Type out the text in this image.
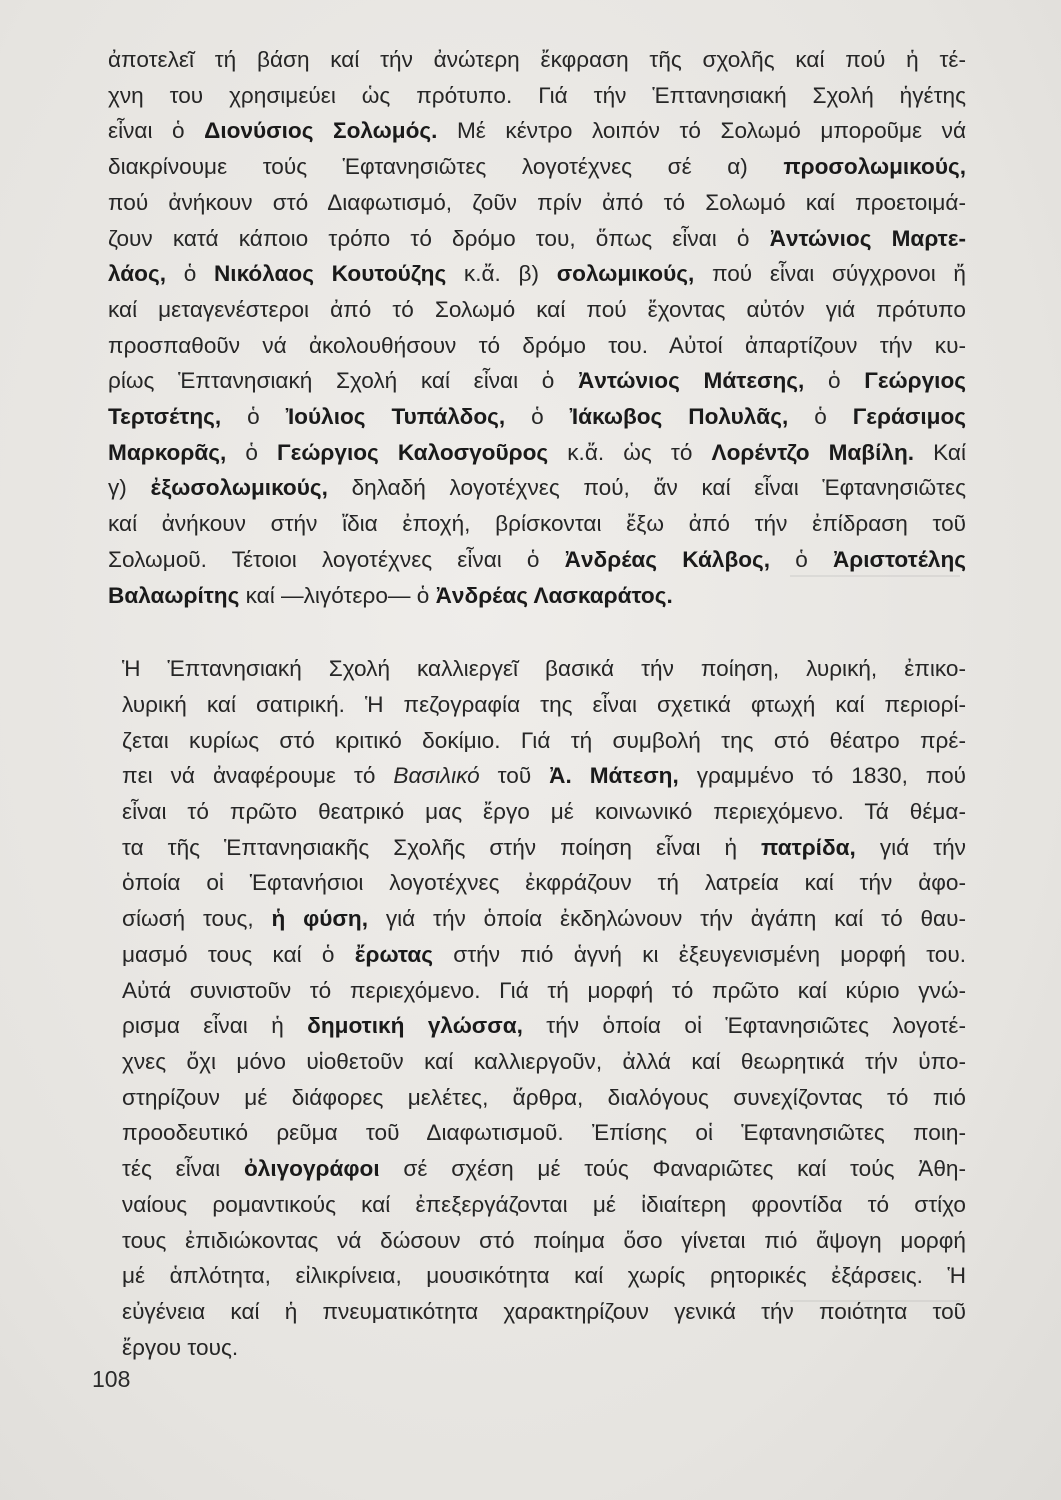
ἀποτελεῖ τή βάση καί τήν ἀνώτερη ἔκφραση τῆς σχολῆς καί πού ἡ τέ-
χνη του χρησιμεύει ὡς πρότυπο. Γιά τήν Ἑπτανησιακή Σχολή ἡγέτης
εἶναι ὁ Διονύσιος Σολωμός. Μέ κέντρο λοιπόν τό Σολωμό μποροῦμε νά
διακρίνουμε τούς Ἑφτανησιῶτες λογοτέχνες σέ α) προσολωμικούς,
πού ἀνήκουν στό Διαφωτισμό, ζοῦν πρίν ἀπό τό Σολωμό καί προετοιμά-
ζουν κατά κάποιο τρόπο τό δρόμο του, ὅπως εἶναι ὁ Ἀντώνιος Μαρτε-
λάος, ὁ Νικόλαος Κουτούζης κ.ἄ. β) σολωμικούς, πού εἶναι σύγχρονοι ἤ
καί μεταγενέστεροι ἀπό τό Σολωμό καί πού ἔχοντας αὐτόν γιά πρότυπο
προσπαθοῦν νά ἀκολουθήσουν τό δρόμο του. Αὐτοί ἀπαρτίζουν τήν κυ-
ρίως Ἑπτανησιακή Σχολή καί εἶναι ὁ Ἀντώνιος Μάτεσης, ὁ Γεώργιος
Τερτσέτης, ὁ Ἰούλιος Τυπάλδος, ὁ Ἰάκωβος Πολυλᾶς, ὁ Γεράσιμος
Μαρκορᾶς, ὁ Γεώργιος Καλοσγοῦρος κ.ἄ. ὡς τό Λορέντζο Μαβίλη. Καί
γ) ἐξωσολωμικούς, δηλαδή λογοτέχνες πού, ἄν καί εἶναι Ἑφτανησιῶτες
καί ἀνήκουν στήν ἴδια ἐποχή, βρίσκονται ἔξω ἀπό τήν ἐπίδραση τοῦ
Σολωμοῦ. Τέτοιοι λογοτέχνες εἶναι ὁ Ἀνδρέας Κάλβος, ὁ Ἀριστοτέλης
Βαλαωρίτης καί —λιγότερο— ὁ Ἀνδρέας Λασκαράτος.

Ἡ Ἑπτανησιακή Σχολή καλλιεργεῖ βασικά τήν ποίηση, λυρική, ἐπικο-
λυρική καί σατιρική. Ἡ πεζογραφία της εἶναι σχετικά φτωχή καί περιορί-
ζεται κυρίως στό κριτικό δοκίμιο. Γιά τή συμβολή της στό θέατρο πρέ-
πει νά ἀναφέρουμε τό Βασιλικό τοῦ Ἀ. Μάτεση, γραμμένο τό 1830, πού
εἶναι τό πρῶτο θεατρικό μας ἔργο μέ κοινωνικό περιεχόμενο. Τά θέμα-
τα τῆς Ἑπτανησιακῆς Σχολῆς στήν ποίηση εἶναι ἡ πατρίδα, γιά τήν
ὁποία οἱ Ἑφτανήσιοι λογοτέχνες ἐκφράζουν τή λατρεία καί τήν ἀφο-
σίωσή τους, ἡ φύση, γιά τήν ὁποία ἐκδηλώνουν τήν ἀγάπη καί τό θαυ-
μασμό τους καί ὁ ἔρωτας στήν πιό ἁγνή κι ἐξευγενισμένη μορφή του.
Αὐτά συνιστοῦν τό περιεχόμενο. Γιά τή μορφή τό πρῶτο καί κύριο γνώ-
ρισμα εἶναι ἡ δημοτική γλώσσα, τήν ὁποία οἱ Ἑφτανησιῶτες λογοτέ-
χνες ὄχι μόνο υἱοθετοῦν καί καλλιεργοῦν, ἀλλά καί θεωρητικά τήν ὑπο-
στηρίζουν μέ διάφορες μελέτες, ἄρθρα, διαλόγους συνεχίζοντας τό πιό
προοδευτικό ρεῦμα τοῦ Διαφωτισμοῦ. Ἐπίσης οἱ Ἑφτανησιῶτες ποιη-
τές εἶναι ὀλιγογράφοι σέ σχέση μέ τούς Φαναριῶτες καί τούς Ἀθη-
ναίους ρομαντικούς καί ἐπεξεργάζονται μέ ἰδιαίτερη φροντίδα τό στίχο
τους ἐπιδιώκοντας νά δώσουν στό ποίημα ὅσο γίνεται πιό ἄψογη μορφή
μέ ἁπλότητα, εἰλικρίνεια, μουσικότητα καί χωρίς ρητορικές ἐξάρσεις. Ἡ
εὐγένεια καί ἡ πνευματικότητα χαρακτηρίζουν γενικά τήν ποιότητα τοῦ
ἔργου τους.

108
